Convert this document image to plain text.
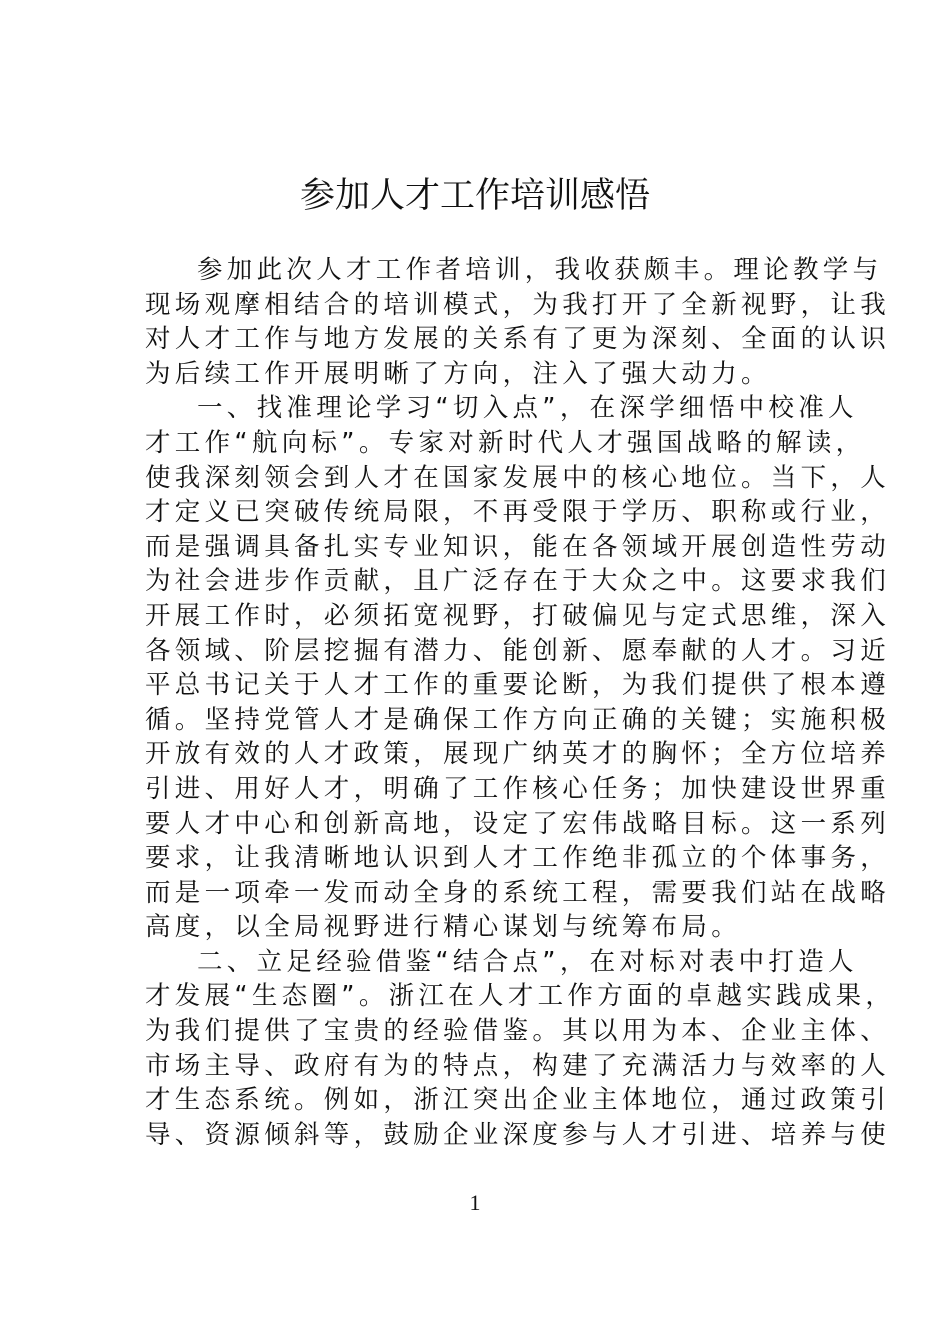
参加人才工作培训感悟
参加此次人才工作者培训，我收获颇丰。理论教学与
现场观摩相结合的培训模式，为我打开了全新视野，让我
对人才工作与地方发展的关系有了更为深刻、全面的认识
为后续工作开展明晰了方向，注入了强大动力。
一、找准理论学习“切入点”，在深学细悟中校准人
才工作“航向标”。专家对新时代人才强国战略的解读，
使我深刻领会到人才在国家发展中的核心地位。当下，人
才定义已突破传统局限，不再受限于学历、职称或行业，
而是强调具备扎实专业知识，能在各领域开展创造性劳动
为社会进步作贡献，且广泛存在于大众之中。这要求我们
开展工作时，必须拓宽视野，打破偏见与定式思维，深入
各领域、阶层挖掘有潜力、能创新、愿奉献的人才。习近
平总书记关于人才工作的重要论断，为我们提供了根本遵
循。坚持党管人才是确保工作方向正确的关键；实施积极
开放有效的人才政策，展现广纳英才的胸怀；全方位培养
引进、用好人才，明确了工作核心任务；加快建设世界重
要人才中心和创新高地，设定了宏伟战略目标。这一系列
要求，让我清晰地认识到人才工作绝非孤立的个体事务，
而是一项牵一发而动全身的系统工程，需要我们站在战略
高度，以全局视野进行精心谋划与统筹布局。
二、立足经验借鉴“结合点”，在对标对表中打造人
才发展“生态圈”。浙江在人才工作方面的卓越实践成果，
为我们提供了宝贵的经验借鉴。其以用为本、企业主体、
市场主导、政府有为的特点，构建了充满活力与效率的人
才生态系统。例如，浙江突出企业主体地位，通过政策引
导、资源倾斜等，鼓励企业深度参与人才引进、培养与使
1
